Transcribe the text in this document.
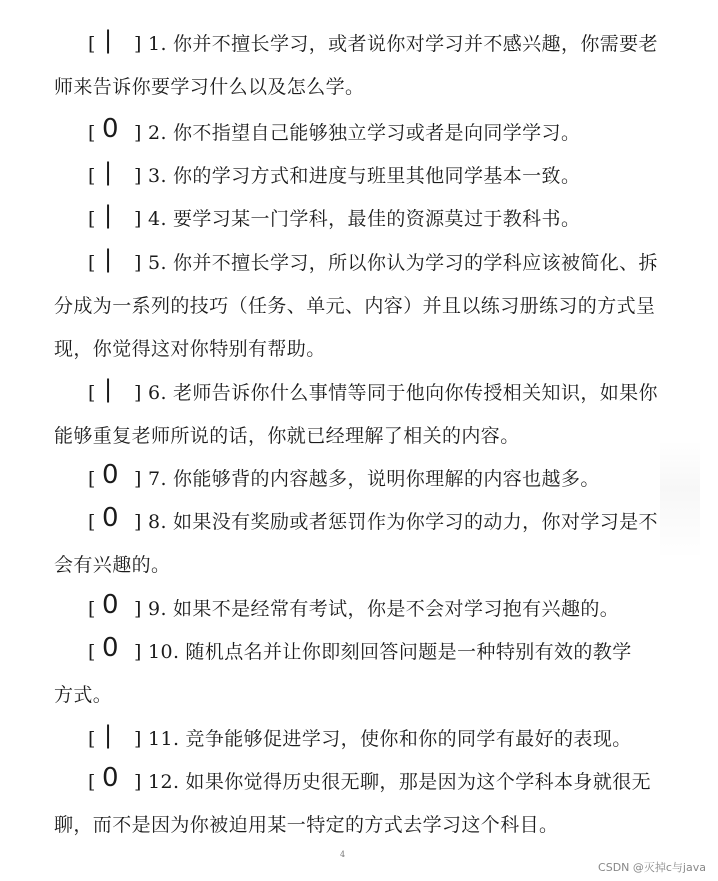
[ | ] 1. 你并不擅长学习，或者说你对学习并不感兴趣，你需要老
师来告诉你要学习什么以及怎么学。
[ 0 ] 2. 你不指望自己能够独立学习或者是向同学学习。
[ | ] 3. 你的学习方式和进度与班里其他同学基本一致。
[ | ] 4. 要学习某一门学科，最佳的资源莫过于教科书。
[ | ] 5. 你并不擅长学习，所以你认为学习的学科应该被简化、拆
分成为一系列的技巧（任务、单元、内容）并且以练习册练习的方式呈
现，你觉得这对你特别有帮助。
[ | ] 6. 老师告诉你什么事情等同于他向你传授相关知识，如果你
能够重复老师所说的话，你就已经理解了相关的内容。
[ 0 ] 7. 你能够背的内容越多，说明你理解的内容也越多。
[ 0 ] 8. 如果没有奖励或者惩罚作为你学习的动力，你对学习是不
会有兴趣的。
[ 0 ] 9. 如果不是经常有考试，你是不会对学习抱有兴趣的。
[ 0 ] 10. 随机点名并让你即刻回答问题是一种特别有效的教学
方式。
[ | ] 11. 竞争能够促进学习，使你和你的同学有最好的表现。
[ 0 ] 12. 如果你觉得历史很无聊，那是因为这个学科本身就很无
聊，而不是因为你被迫用某一特定的方式去学习这个科目。
4
CSDN @灭掉c与java
